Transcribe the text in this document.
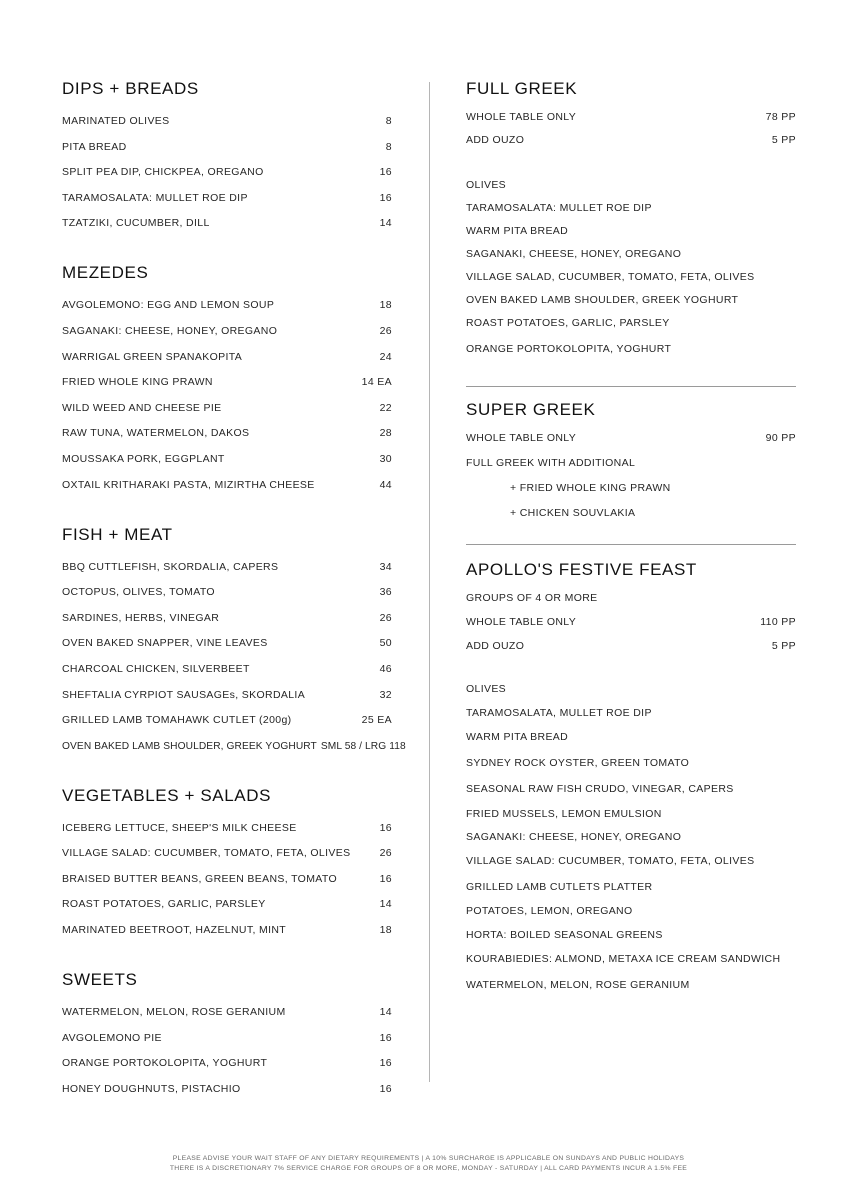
DIPS + BREADS
MARINATED OLIVES	8
PITA BREAD	8
SPLIT PEA DIP, CHICKPEA, OREGANO	16
TARAMOSALATA: MULLET ROE DIP	16
TZATZIKI, CUCUMBER, DILL	14
MEZEDES
AVGOLEMONO: EGG AND LEMON SOUP	18
SAGANAKI: CHEESE, HONEY, OREGANO	26
WARRIGAL GREEN SPANAKOPITA	24
FRIED WHOLE KING PRAWN	14 EA
WILD WEED AND CHEESE PIE	22
RAW TUNA, WATERMELON, DAKOS	28
MOUSSAKA PORK, EGGPLANT	30
OXTAIL KRITHARAKI PASTA, MIZIRTHA CHEESE	44
FISH + MEAT
BBQ CUTTLEFISH, SKORDALIA, CAPERS	34
OCTOPUS, OLIVES, TOMATO	36
SARDINES, HERBS, VINEGAR	26
OVEN BAKED SNAPPER, VINE LEAVES	50
CHARCOAL CHICKEN, SILVERBEET	46
SHEFTALIA CYRPIOT SAUSAGEs, SKORDALIA	32
GRILLED LAMB TOMAHAWK CUTLET (200g)	25 EA
OVEN BAKED LAMB SHOULDER, GREEK YOGHURT SML 58 / LRG 118
VEGETABLES + SALADS
ICEBERG LETTUCE, SHEEP'S MILK CHEESE	16
VILLAGE SALAD: CUCUMBER, TOMATO, FETA, OLIVES	26
BRAISED BUTTER BEANS, GREEN BEANS, TOMATO	16
ROAST POTATOES, GARLIC, PARSLEY	14
MARINATED BEETROOT, HAZELNUT, MINT	18
SWEETS
WATERMELON, MELON, ROSE GERANIUM	14
AVGOLEMONO PIE	16
ORANGE PORTOKOLOPITA, YOGHURT	16
HONEY DOUGHNUTS, PISTACHIO	16
FULL GREEK
WHOLE TABLE ONLY	78 PP
ADD OUZO	5 PP
OLIVES
TARAMOSALATA: MULLET ROE DIP
WARM PITA BREAD
SAGANAKI, CHEESE, HONEY, OREGANO
VILLAGE SALAD, CUCUMBER, TOMATO, FETA, OLIVES
OVEN BAKED LAMB SHOULDER, GREEK YOGHURT
ROAST POTATOES, GARLIC, PARSLEY
ORANGE PORTOKOLOPITA, YOGHURT
SUPER GREEK
WHOLE TABLE ONLY	90 PP
FULL GREEK WITH ADDITIONAL
+ FRIED WHOLE KING PRAWN
+ CHICKEN SOUVLAKIA
APOLLO'S FESTIVE FEAST
GROUPS OF 4 OR MORE
WHOLE TABLE ONLY	110 PP
ADD OUZO	5 PP
OLIVES
TARAMOSALATA, MULLET ROE DIP
WARM PITA BREAD
SYDNEY ROCK OYSTER, GREEN TOMATO
SEASONAL RAW FISH CRUDO, VINEGAR, CAPERS
FRIED MUSSELS, LEMON EMULSION
SAGANAKI: CHEESE, HONEY, OREGANO
VILLAGE SALAD: CUCUMBER, TOMATO, FETA, OLIVES
GRILLED LAMB CUTLETS PLATTER
POTATOES, LEMON, OREGANO
HORTA: BOILED SEASONAL GREENS
KOURABIEDIES: ALMOND, METAXA ICE CREAM SANDWICH
WATERMELON, MELON, ROSE GERANIUM
PLEASE ADVISE YOUR WAIT STAFF OF ANY DIETARY REQUIREMENTS | A 10% SURCHARGE IS APPLICABLE ON SUNDAYS AND PUBLIC HOLIDAYS
THERE IS A DISCRETIONARY 7% SERVICE CHARGE FOR GROUPS OF 8 OR MORE, MONDAY - SATURDAY | ALL CARD PAYMENTS INCUR A 1.5% FEE
